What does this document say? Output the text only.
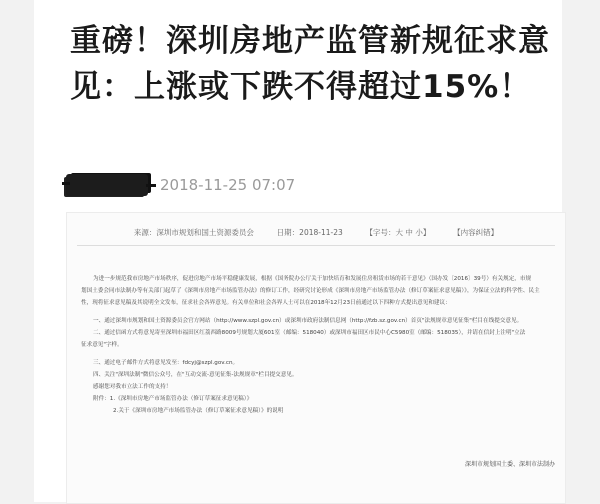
重磅！深圳房地产监管新规征求意见：上涨或下跌不得超过15%！
2018-11-25 07:07
来源：深圳市规划和国土资源委员会	日期：2018-11-23	【字号：大 中 小】	【内容纠错】

为进一步规范我市房地产市场秩序，促进房地产市场平稳健康发展，根据《国务院办公厅关于加快培育和发展住房租赁市场的若干意见》（国办发〔2016〕39号）有关规定，市规

划国土委会同市法制办等有关部门起草了《深圳市房地产市场监管办法》的修订工作，经研究讨论形成《深圳市房地产市场监管办法（修订草案征求意见稿）》，为保证立法的科学性、民主

性，现将征求意见稿及其说明全文发布，征求社会各界意见。有关单位和社会各界人士可以在2018年12月23日前通过以下四种方式提出意见和建议：

一、通过深圳市规划和国土资源委员会官方网站（http://www.szpl.gov.cn）或深圳市政府法制信息网（http://fzb.sz.gov.cn）首页"法规规章意见征集"栏目在线提交意见。

二、通过信函方式将意见寄至深圳市福田区红荔西路8009号规划大厦601室（邮编：518040）或深圳市福田区市民中心C5980室（邮编：518035），并请在信封上注明"立法

征求意见"字样。

三、通过电子邮件方式将意见发至：fdcyj@szpl.gov.cn。

四、关注"深圳法制"微信公众号，在"互动交流-意见征集-法规规章"栏目提交意见。

感谢您对我市立法工作的支持！

附件：1.《深圳市房地产市场监管办法（修订草案征求意见稿）》

2.关于《深圳市房地产市场监管办法（修订草案征求意见稿）》的说明

深圳市规划国土委、深圳市法制办
